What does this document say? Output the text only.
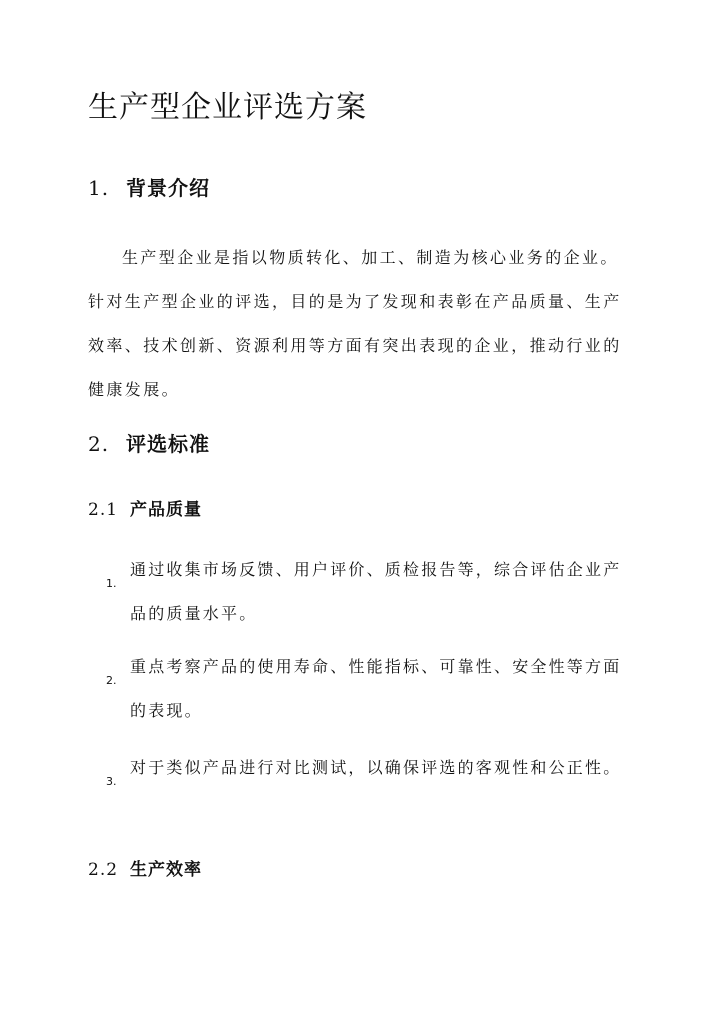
生产型企业评选方案
1. 背景介绍
生产型企业是指以物质转化、加工、制造为核心业务的企业。针对生产型企业的评选，目的是为了发现和表彰在产品质量、生产效率、技术创新、资源利用等方面有突出表现的企业，推动行业的健康发展。
2. 评选标准
2.1 产品质量
1.
通过收集市场反馈、用户评价、质检报告等，综合评估企业产品的质量水平。
2.
重点考察产品的使用寿命、性能指标、可靠性、安全性等方面的表现。
3.
对于类似产品进行对比测试，以确保评选的客观性和公正性。
2.2 生产效率
